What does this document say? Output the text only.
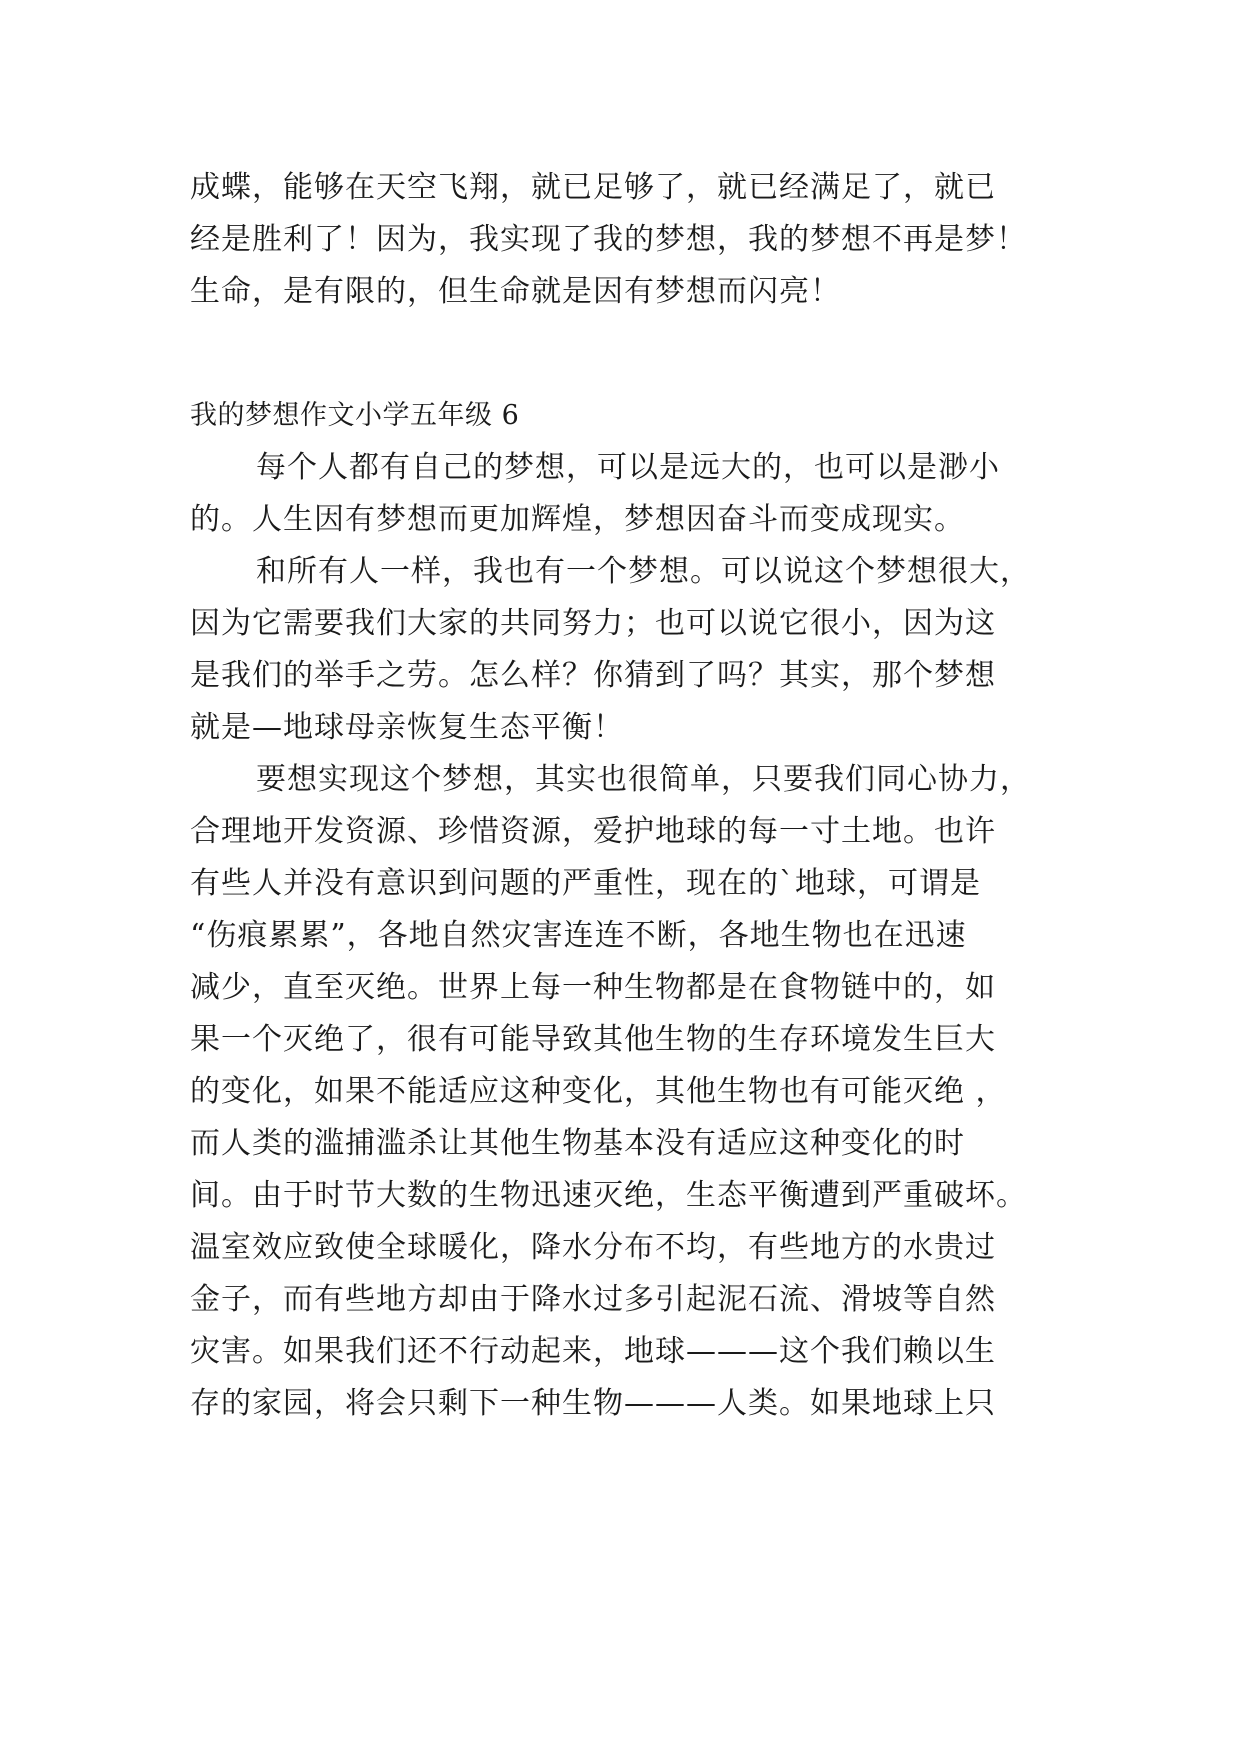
成蝶，能够在天空飞翔，就已足够了，就已经满足了，就已
经是胜利了！因为，我实现了我的梦想，我的梦想不再是梦！
生命，是有限的，但生命就是因有梦想而闪亮！
我的梦想作文小学五年级 6
每个人都有自己的梦想，可以是远大的，也可以是渺小
的。人生因有梦想而更加辉煌，梦想因奋斗而变成现实。
和所有人一样，我也有一个梦想。可以说这个梦想很大，
因为它需要我们大家的共同努力；也可以说它很小，因为这
是我们的举手之劳。怎么样？你猜到了吗？其实，那个梦想
就是—地球母亲恢复生态平衡！
要想实现这个梦想，其实也很简单，只要我们同心协力，
合理地开发资源、珍惜资源，爱护地球的每一寸土地。也许
有些人并没有意识到问题的严重性，现在的`地球，可谓是
“伤痕累累”，各地自然灾害连连不断，各地生物也在迅速
减少，直至灭绝。世界上每一种生物都是在食物链中的，如
果一个灭绝了，很有可能导致其他生物的生存环境发生巨大
的变化，如果不能适应这种变化，其他生物也有可能灭绝 ，
而人类的滥捕滥杀让其他生物基本没有适应这种变化的时
间。由于时节大数的生物迅速灭绝，生态平衡遭到严重破坏。
温室效应致使全球暖化，降水分布不均，有些地方的水贵过
金子，而有些地方却由于降水过多引起泥石流、滑坡等自然
灾害。如果我们还不行动起来，地球———这个我们赖以生
存的家园，将会只剩下一种生物———人类。如果地球上只
